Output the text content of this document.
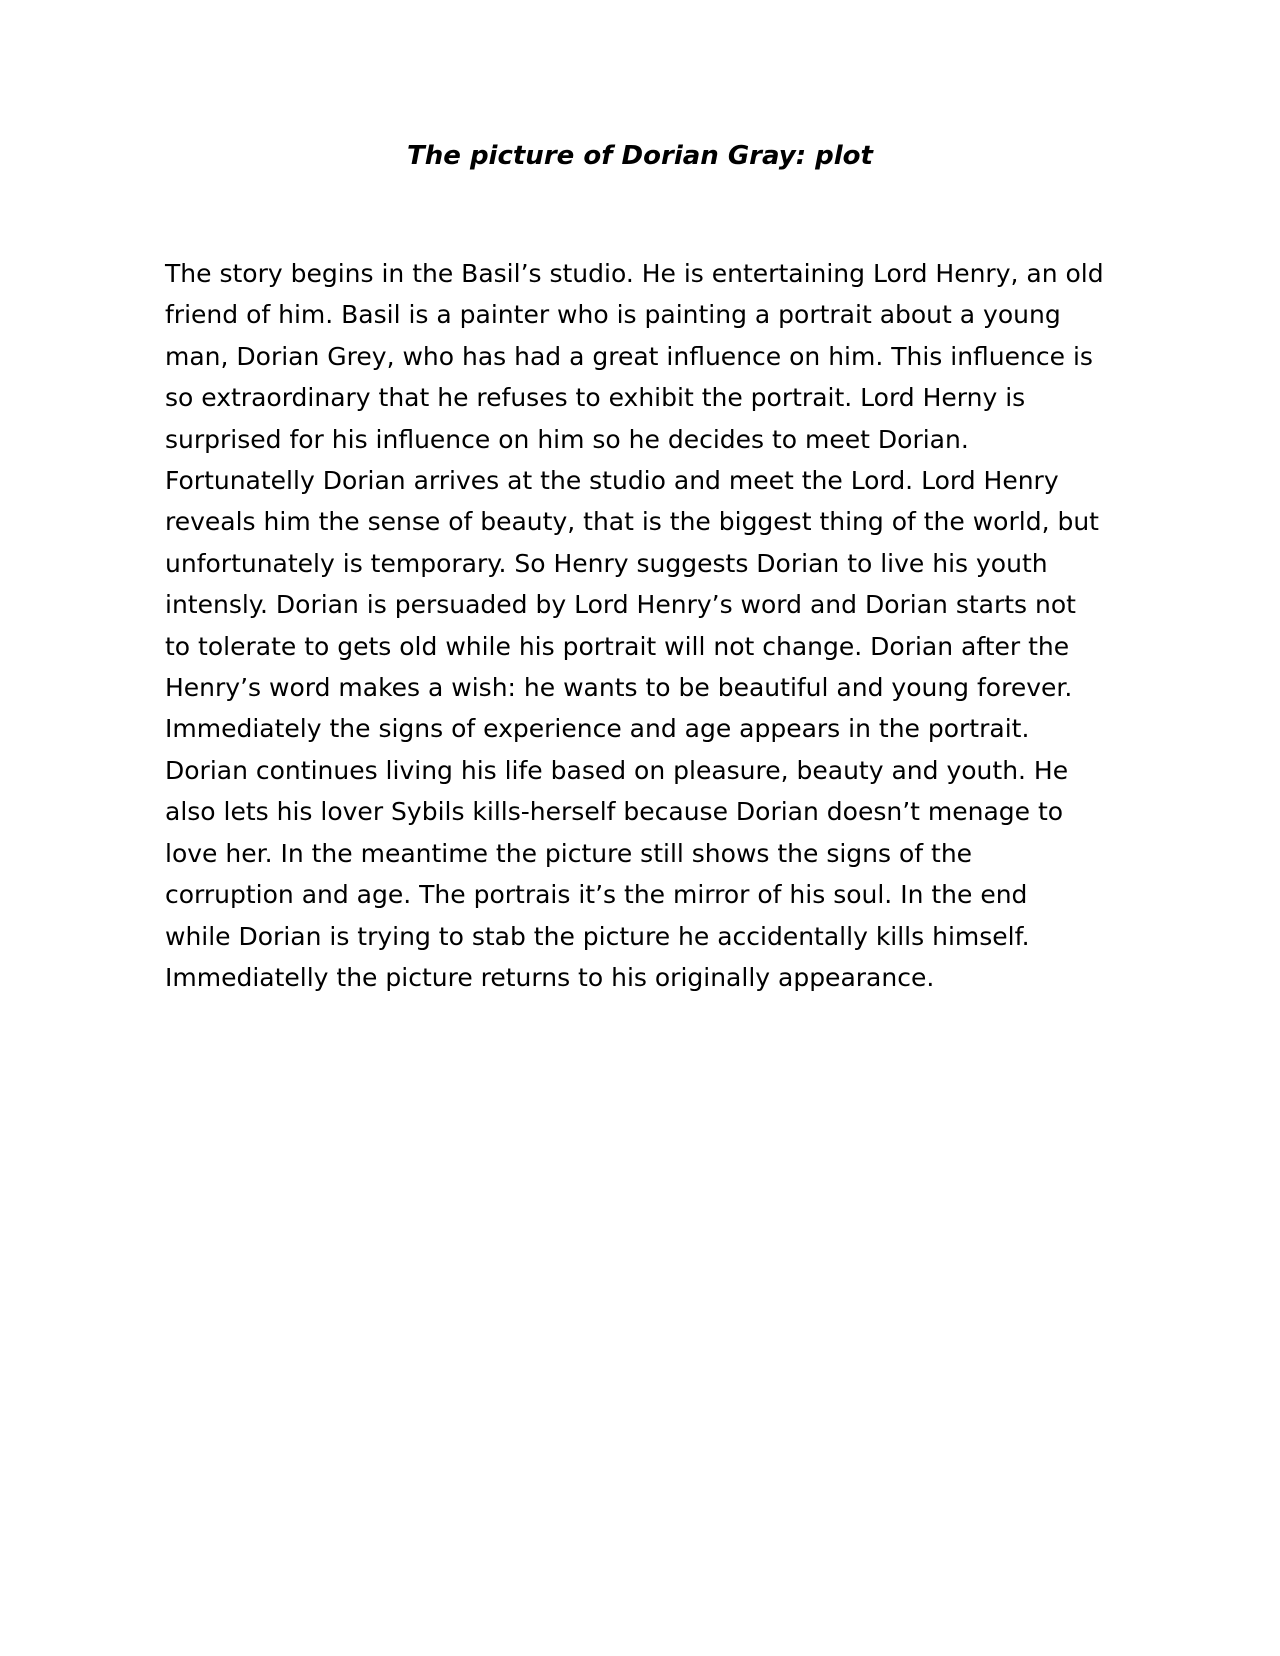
The picture of Dorian Gray: plot
The story begins in the Basil’s studio. He is entertaining Lord Henry, an old
friend of him. Basil is a painter who is painting a portrait about a young
man, Dorian Grey, who has had a great influence on him. This influence is
so extraordinary that he refuses to exhibit the portrait. Lord Herny is
surprised for his influence on him so he decides to meet Dorian.
Fortunatelly Dorian arrives at the studio and meet the Lord. Lord Henry
reveals him the sense of beauty, that is the biggest thing of the world, but
unfortunately is temporary. So Henry suggests Dorian to live his youth
intensly. Dorian is persuaded by Lord Henry’s word and Dorian starts not
to tolerate to gets old while his portrait will not change. Dorian after the
Henry’s word makes a wish: he wants to be beautiful and young forever.
Immediately the signs of experience and age appears in the portrait.
Dorian continues living his life based on pleasure, beauty and youth. He
also lets his lover Sybils kills-herself because Dorian doesn’t menage to
love her. In the meantime the picture still shows the signs of the
corruption and age. The portrais it’s the mirror of his soul. In the end
while Dorian is trying to stab the picture he accidentally kills himself.
Immediatelly the picture returns to his originally appearance.
